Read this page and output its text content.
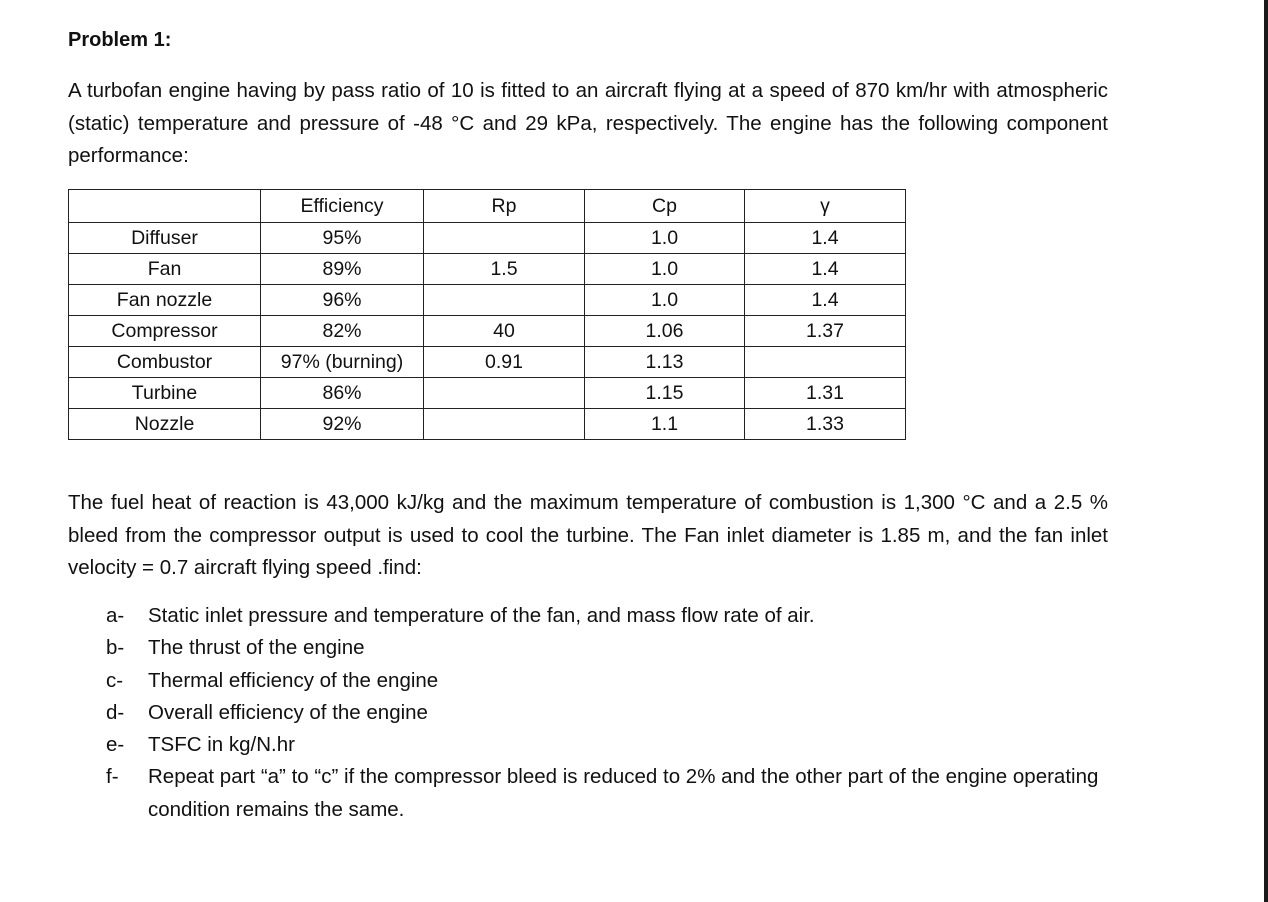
Problem 1:

A turbofan engine having by pass ratio of 10 is fitted to an aircraft flying at a speed of 870 km/hr with atmospheric (static) temperature and pressure of -48 °C and 29 kPa, respectively. The engine has the following component performance:

	Efficiency	Rp	Cp	γ
Diffuser	95%		1.0	1.4
Fan	89%	1.5	1.0	1.4
Fan nozzle	96%		1.0	1.4
Compressor	82%	40	1.06	1.37
Combustor	97% (burning)	0.91	1.13	
Turbine	86%		1.15	1.31
Nozzle	92%		1.1	1.33

The fuel heat of reaction is 43,000 kJ/kg and the maximum temperature of combustion is 1,300 °C and a 2.5 % bleed from the compressor output is used to cool the turbine. The Fan inlet diameter is 1.85 m, and the fan inlet velocity = 0.7 aircraft flying speed .find:

a-	Static inlet pressure and temperature of the fan, and mass flow rate of air.
b-	The thrust of the engine
c-	Thermal efficiency of the engine
d-	Overall efficiency of the engine
e-	TSFC in kg/N.hr
f-	Repeat part “a” to “c” if the compressor bleed is reduced to 2% and the other part of the engine operating condition remains the same.
